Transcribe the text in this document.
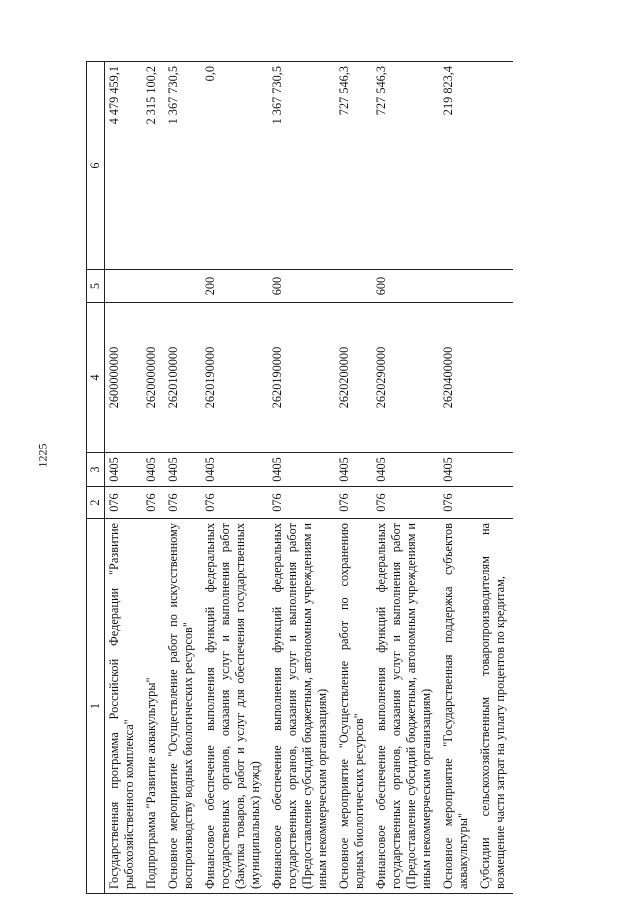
1225
1	2	3	4	5	6
Государственная программа Российской Федерации "Развитие рыбохозяйственного комплекса"	076	0405	2600000000		4 479 459,1
Подпрограмма "Развитие аквакультуры"	076	0405	2620000000		2 315 100,2
Основное мероприятие "Осуществление работ по искусственному воспроизводству водных биологических ресурсов"	076	0405	2620100000		1 367 730,5
Финансовое обеспечение выполнения функций федеральных государственных органов, оказания услуг и выполнения работ (Закупка товаров, работ и услуг для обеспечения государственных (муниципальных) нужд)	076	0405	2620190000	200	0,0
Финансовое обеспечение выполнения функций федеральных государственных органов, оказания услуг и выполнения работ (Предоставление субсидий бюджетным, автономным учреждениям и иным некоммерческим организациям)	076	0405	2620190000	600	1 367 730,5
Основное мероприятие "Осуществление работ по сохранению водных биологических ресурсов"	076	0405	2620200000		727 546,3
Финансовое обеспечение выполнения функций федеральных государственных органов, оказания услуг и выполнения работ (Предоставление субсидий бюджетным, автономным учреждениям и иным некоммерческим организациям)	076	0405	2620290000	600	727 546,3
Основное мероприятие "Государственная поддержка субъектов аквакультуры"	076	0405	2620400000		219 823,4
Субсидии сельскохозяйственным товаропроизводителям на возмещение части затрат на уплату процентов по кредитам,					
